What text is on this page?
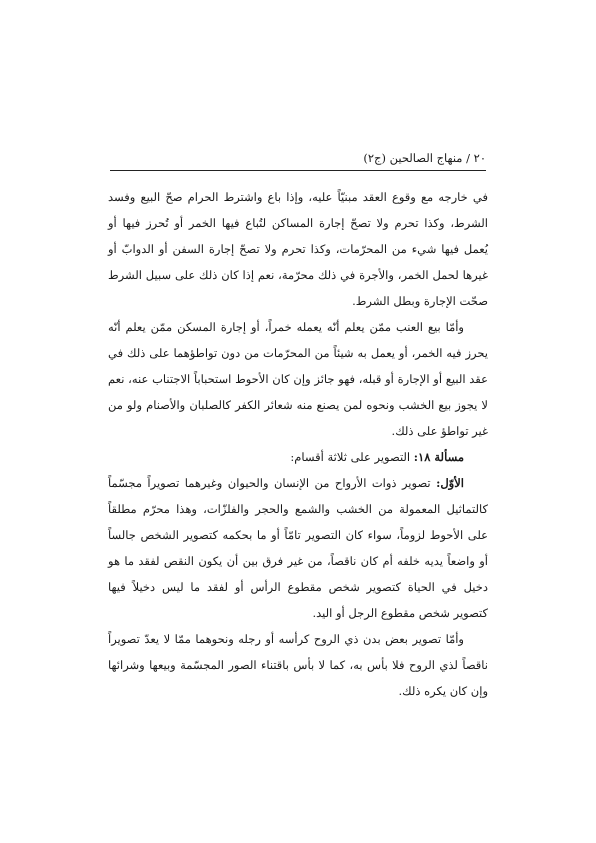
٢٠ / منهاج الصالحين (ج٢)

في خارجه مع وقوع العقد مبنيّاً عليه، وإذا باع واشترط الحرام صحّ البيع وفسد الشرط، وكذا تحرم ولا تصحّ إجارة المساكن لتُباع فيها الخمر أو تُحرز فيها أو يُعمل فيها شيء من المحرّمات، وكذا تحرم ولا تصحّ إجارة السفن أو الدوابّ أو غيرها لحمل الخمر، والأجرة في ذلك محرّمة، نعم إذا كان ذلك على سبيل الشرط صحّت الإجارة وبطل الشرط.

وأمّا بيع العنب ممّن يعلم أنّه يعمله خمراً، أو إجارة المسكن ممّن يعلم أنّه يحرز فيه الخمر، أو يعمل به شيئاً من المحرّمات من دون تواطؤهما على ذلك في عقد البيع أو الإجارة أو قبله، فهو جائز وإن كان الأحوط استحباباً الاجتناب عنه، نعم لا يجوز بيع الخشب ونحوه لمن يصنع منه شعائر الكفر كالصلبان والأصنام ولو من غير تواطؤ على ذلك.

مسألة ١٨: التصوير على ثلاثة أقسام:

الأوّل: تصوير ذوات الأرواح من الإنسان والحيوان وغيرهما تصويراً مجسّماً كالتماثيل المعمولة من الخشب والشمع والحجر والفلزّات، وهذا محرّم مطلقاً على الأحوط لزوماً، سواء كان التصوير تامّاً أو ما بحكمه كتصوير الشخص جالساً أو واضعاً يديه خلفه أم كان ناقصاً، من غير فرق بين أن يكون النقص لفقد ما هو دخيل في الحياة كتصوير شخص مقطوع الرأس أو لفقد ما ليس دخيلاً فيها كتصوير شخص مقطوع الرجل أو اليد.

وأمّا تصوير بعض بدن ذي الروح كرأسه أو رجله ونحوهما ممّا لا يعدّ تصويراً ناقصاً لذي الروح فلا بأس به، كما لا بأس باقتناء الصور المجسّمة وبيعها وشرائها وإن كان يكره ذلك.
